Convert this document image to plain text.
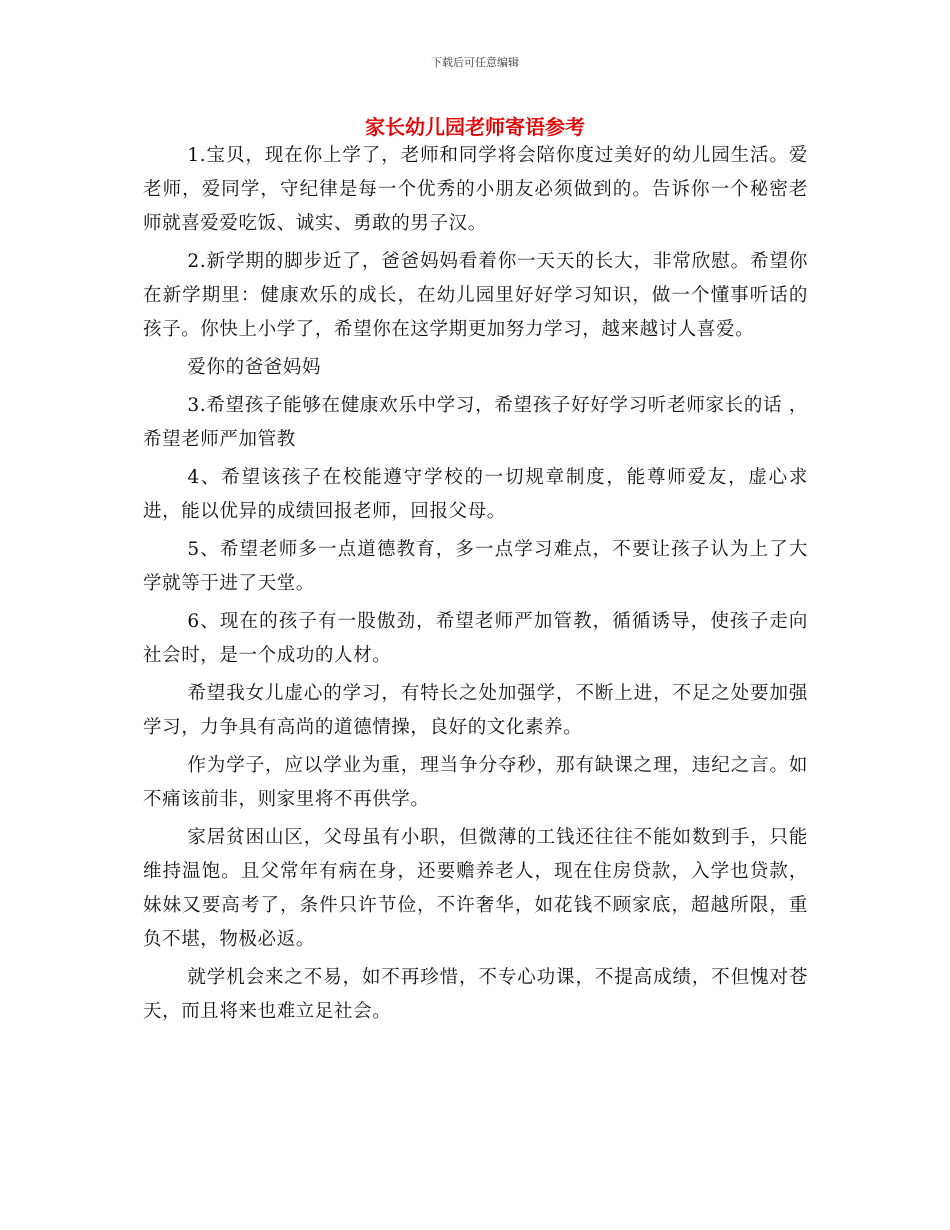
下载后可任意编辑
家长幼儿园老师寄语参考

1.宝贝，现在你上学了，老师和同学将会陪你度过美好的幼儿园生活。爱老师，爱同学，守纪律是每一个优秀的小朋友必须做到的。告诉你一个秘密老师就喜爱爱吃饭、诚实、勇敢的男子汉。

2.新学期的脚步近了，爸爸妈妈看着你一天天的长大，非常欣慰。希望你在新学期里：健康欢乐的成长，在幼儿园里好好学习知识，做一个懂事听话的孩子。你快上小学了，希望你在这学期更加努力学习，越来越讨人喜爱。

爱你的爸爸妈妈

3.希望孩子能够在健康欢乐中学习，希望孩子好好学习听老师家长的话 ，希望老师严加管教

4、希望该孩子在校能遵守学校的一切规章制度，能尊师爱友，虚心求进，能以优异的成绩回报老师，回报父母。

5、希望老师多一点道德教育，多一点学习难点，不要让孩子认为上了大学就等于进了天堂。

6、现在的孩子有一股傲劲，希望老师严加管教，循循诱导，使孩子走向社会时，是一个成功的人材。

希望我女儿虚心的学习，有特长之处加强学，不断上进，不足之处要加强学习，力争具有高尚的道德情操，良好的文化素养。

作为学子，应以学业为重，理当争分夺秒，那有缺课之理，违纪之言。如不痛该前非，则家里将不再供学。

家居贫困山区，父母虽有小职，但微薄的工钱还往往不能如数到手，只能维持温饱。且父常年有病在身，还要赡养老人，现在住房贷款，入学也贷款，妹妹又要高考了，条件只许节俭，不许奢华，如花钱不顾家底，超越所限，重负不堪，物极必返。

就学机会来之不易，如不再珍惜，不专心功课，不提高成绩，不但愧对苍天，而且将来也难立足社会。
